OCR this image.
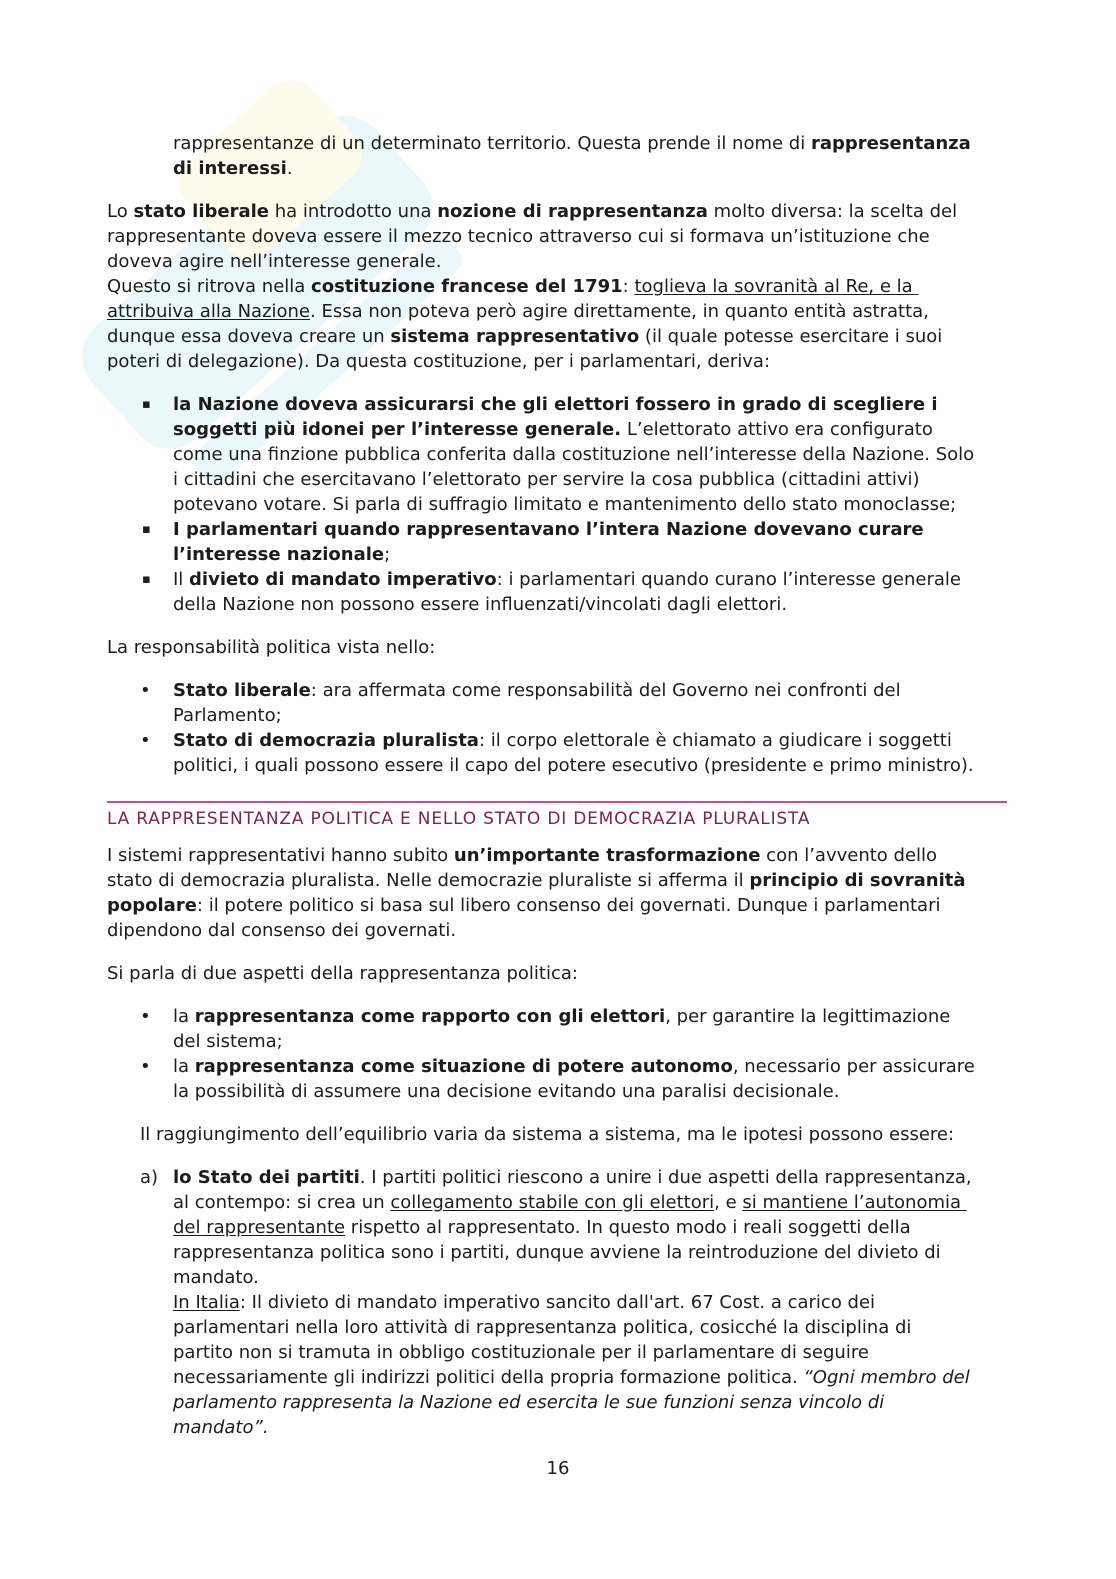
rappresentanze di un determinato territorio. Questa prende il nome di rappresentanza
di interessi.
Lo stato liberale ha introdotto una nozione di rappresentanza molto diversa: la scelta del
rappresentante doveva essere il mezzo tecnico attraverso cui si formava un’istituzione che
doveva agire nell’interesse generale.
Questo si ritrova nella costituzione francese del 1791: toglieva la sovranità al Re, e la
attribuiva alla Nazione. Essa non poteva però agire direttamente, in quanto entità astratta,
dunque essa doveva creare un sistema rappresentativo (il quale potesse esercitare i suoi
poteri di delegazione). Da questa costituzione, per i parlamentari, deriva:
▪ la Nazione doveva assicurarsi che gli elettori fossero in grado di scegliere i
soggetti più idonei per l’interesse generale. L’elettorato attivo era configurato
come una finzione pubblica conferita dalla costituzione nell’interesse della Nazione. Solo
i cittadini che esercitavano l’elettorato per servire la cosa pubblica (cittadini attivi)
potevano votare. Si parla di suffragio limitato e mantenimento dello stato monoclasse;
▪ I parlamentari quando rappresentavano l’intera Nazione dovevano curare
l’interesse nazionale;
▪ Il divieto di mandato imperativo: i parlamentari quando curano l’interesse generale
della Nazione non possono essere influenzati/vincolati dagli elettori.
La responsabilità politica vista nello:
• Stato liberale: ara affermata come responsabilità del Governo nei confronti del
Parlamento;
• Stato di democrazia pluralista: il corpo elettorale è chiamato a giudicare i soggetti
politici, i quali possono essere il capo del potere esecutivo (presidente e primo ministro).
LA RAPPRESENTANZA POLITICA E NELLO STATO DI DEMOCRAZIA PLURALISTA
I sistemi rappresentativi hanno subito un’importante trasformazione con l’avvento dello
stato di democrazia pluralista. Nelle democrazie pluraliste si afferma il principio di sovranità
popolare: il potere politico si basa sul libero consenso dei governati. Dunque i parlamentari
dipendono dal consenso dei governati.
Si parla di due aspetti della rappresentanza politica:
• la rappresentanza come rapporto con gli elettori, per garantire la legittimazione
del sistema;
• la rappresentanza come situazione di potere autonomo, necessario per assicurare
la possibilità di assumere una decisione evitando una paralisi decisionale.
Il raggiungimento dell’equilibrio varia da sistema a sistema, ma le ipotesi possono essere:
a) lo Stato dei partiti. I partiti politici riescono a unire i due aspetti della rappresentanza,
al contempo: si crea un collegamento stabile con gli elettori, e si mantiene l’autonomia
del rappresentante rispetto al rappresentato. In questo modo i reali soggetti della
rappresentanza politica sono i partiti, dunque avviene la reintroduzione del divieto di
mandato.
In Italia: Il divieto di mandato imperativo sancito dall'art. 67 Cost. a carico dei
parlamentari nella loro attività di rappresentanza politica, cosicché la disciplina di
partito non si tramuta in obbligo costituzionale per il parlamentare di seguire
necessariamente gli indirizzi politici della propria formazione politica. “Ogni membro del
parlamento rappresenta la Nazione ed esercita le sue funzioni senza vincolo di
mandato”.
16
